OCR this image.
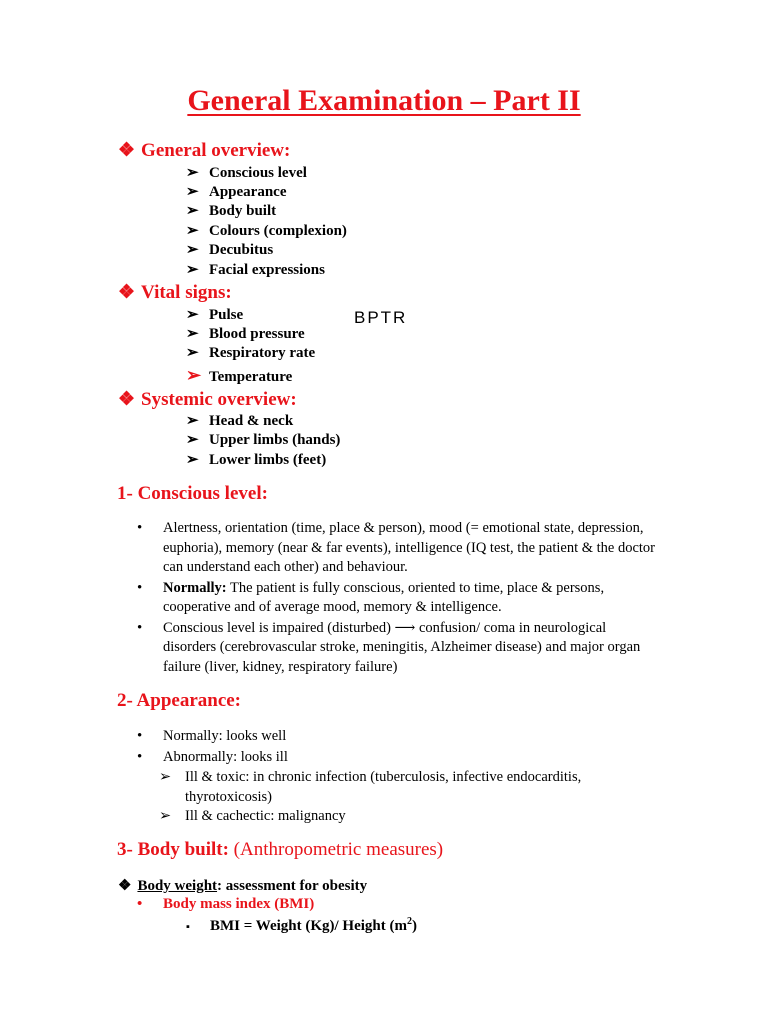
General Examination – Part II
❖ General overview:
➢ Conscious level
➢ Appearance
➢ Body built
➢ Colours (complexion)
➢ Decubitus
➢ Facial expressions
❖ Vital signs:
➢ Pulse	BPTR
➢ Blood pressure
➢ Respiratory rate
➢ Temperature
❖ Systemic overview:
➢ Head & neck
➢ Upper limbs (hands)
➢ Lower limbs (feet)
1- Conscious level:
• Alertness, orientation (time, place & person), mood (= emotional state, depression, euphoria), memory (near & far events), intelligence (IQ test, the patient & the doctor can understand each other) and behaviour.
• Normally: The patient is fully conscious, oriented to time, place & persons, cooperative and of average mood, memory & intelligence.
• Conscious level is impaired (disturbed) ⟶ confusion/ coma in neurological disorders (cerebrovascular stroke, meningitis, Alzheimer disease) and major organ failure (liver, kidney, respiratory failure)
2- Appearance:
• Normally: looks well
• Abnormally: looks ill
➢ Ill & toxic: in chronic infection (tuberculosis, infective endocarditis, thyrotoxicosis)
➢ Ill & cachectic: malignancy
3- Body built: (Anthropometric measures)
❖ Body weight: assessment for obesity
• Body mass index (BMI)
▪ BMI = Weight (Kg)/ Height $(m^2)$
